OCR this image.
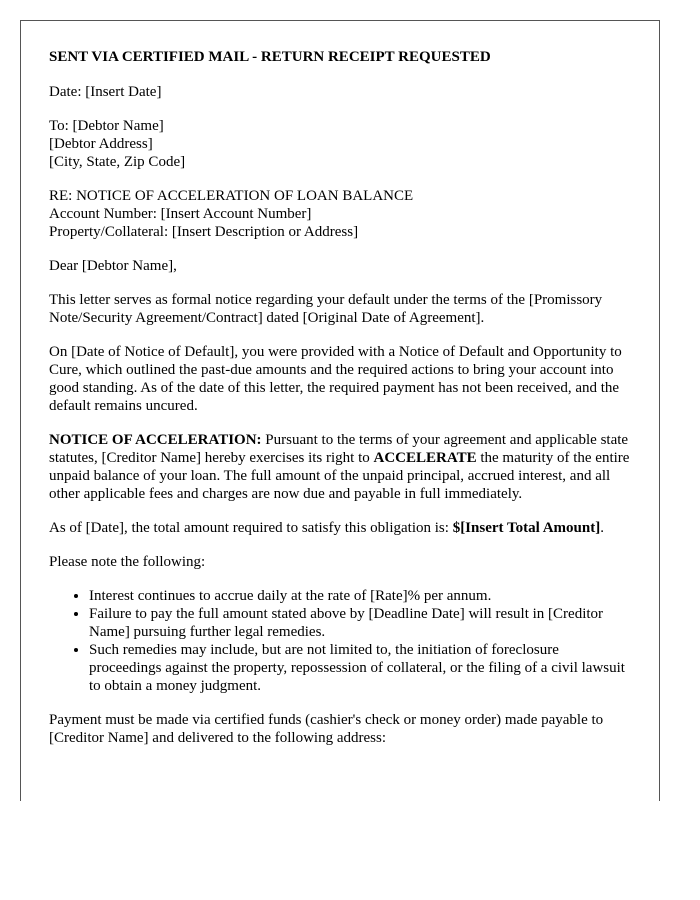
SENT VIA CERTIFIED MAIL - RETURN RECEIPT REQUESTED

Date: [Insert Date]

To: [Debtor Name]
[Debtor Address]
[City, State, Zip Code]

RE: NOTICE OF ACCELERATION OF LOAN BALANCE
Account Number: [Insert Account Number]
Property/Collateral: [Insert Description or Address]

Dear [Debtor Name],

This letter serves as formal notice regarding your default under the terms of the [Promissory Note/Security Agreement/Contract] dated [Original Date of Agreement].

On [Date of Notice of Default], you were provided with a Notice of Default and Opportunity to Cure, which outlined the past-due amounts and the required actions to bring your account into good standing. As of the date of this letter, the required payment has not been received, and the default remains uncured.

NOTICE OF ACCELERATION: Pursuant to the terms of your agreement and applicable state statutes, [Creditor Name] hereby exercises its right to ACCELERATE the maturity of the entire unpaid balance of your loan. The full amount of the unpaid principal, accrued interest, and all other applicable fees and charges are now due and payable in full immediately.

As of [Date], the total amount required to satisfy this obligation is: $[Insert Total Amount].

Please note the following:

• Interest continues to accrue daily at the rate of [Rate]% per annum.
• Failure to pay the full amount stated above by [Deadline Date] will result in [Creditor Name] pursuing further legal remedies.
• Such remedies may include, but are not limited to, the initiation of foreclosure proceedings against the property, repossession of collateral, or the filing of a civil lawsuit to obtain a money judgment.

Payment must be made via certified funds (cashier's check or money order) made payable to [Creditor Name] and delivered to the following address:
